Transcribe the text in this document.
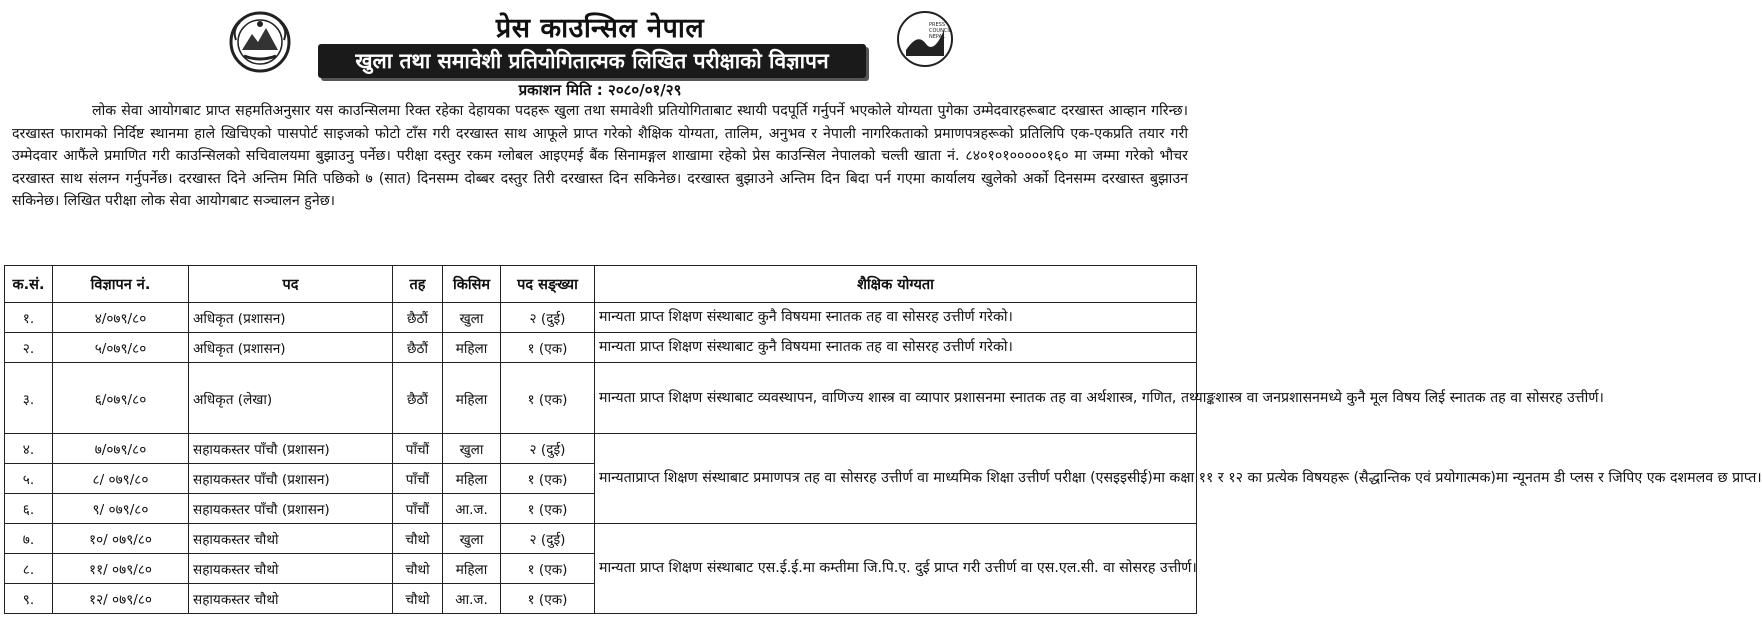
प्रेस काउन्सिल नेपाल	PRESS
COUNCIL
NEPAL
खुला तथा समावेशी प्रतियोगितात्मक लिखित परीक्षाको विज्ञापन
प्रकाशन मिति : २०८०/०१/२९
लोक सेवा आयोगबाट प्राप्त सहमतिअनुसार यस काउन्सिलमा रिक्त रहेका देहायका पदहरू खुला तथा समावेशी प्रतियोगिताबाट स्थायी पदपूर्ति गर्नुपर्ने भएकोले योग्यता पुगेका उम्मेदवारहरूबाट दरखास्त आव्हान गरिन्छ। दरखास्त फारामको निर्दिष्ट स्थानमा हाले खिचिएको पासपोर्ट साइजको फोटो टाँस गरी दरखास्त साथ आफूले प्राप्त गरेको शैक्षिक योग्यता, तालिम, अनुभव र नेपाली नागरिकताको प्रमाणपत्रहरूको प्रतिलिपि एक-एकप्रति तयार गरी उम्मेदवार आफैंले प्रमाणित गरी काउन्सिलको सचिवालयमा बुझाउनु पर्नेछ। परीक्षा दस्तुर रकम ग्लोबल आइएमई बैंक सिनामङ्गल शाखामा रहेको प्रेस काउन्सिल नेपालको चल्ती खाता नं. ८४०१०१०००००१६० मा जम्मा गरेको भौचर दरखास्त साथ संलग्न गर्नुपर्नेछ। दरखास्त दिने अन्तिम मिति पछिको ७ (सात) दिनसम्म दोब्बर दस्तुर तिरी दरखास्त दिन सकिनेछ। दरखास्त बुझाउने अन्तिम दिन बिदा पर्न गएमा कार्यालय खुलेको अर्को दिनसम्म दरखास्त बुझाउन सकिनेछ। लिखित परीक्षा लोक सेवा आयोगबाट सञ्चालन हुनेछ।
क.सं.	विज्ञापन नं.	पद	तह	किसिम	पद सङ्ख्या	शैक्षिक योग्यता
१.	४/०७९/८०	अधिकृत (प्रशासन)	छैठौं	खुला	२ (दुई)	मान्यता प्राप्त शिक्षण संस्थाबाट कुनै विषयमा स्नातक तह वा सोसरह उत्तीर्ण गरेको।
२.	५/०७९/८०	अधिकृत (प्रशासन)	छैठौं	महिला	१ (एक)	मान्यता प्राप्त शिक्षण संस्थाबाट कुनै विषयमा स्नातक तह वा सोसरह उत्तीर्ण गरेको।
३.	६/०७९/८०	अधिकृत (लेखा)	छैठौं	महिला	१ (एक)	मान्यता प्राप्त शिक्षण संस्थाबाट व्यवस्थापन, वाणिज्य शास्त्र वा व्यापार प्रशासनमा स्नातक तह वा अर्थशास्त्र, गणित, तथ्याङ्कशास्त्र वा जनप्रशासनमध्ये कुनै मूल विषय लिई स्नातक तह वा सोसरह उत्तीर्ण।
४.	७/०७९/८०	सहायकस्तर पाँचौ (प्रशासन)	पाँचौं	खुला	२ (दुई)	मान्यताप्राप्त शिक्षण संस्थाबाट प्रमाणपत्र तह वा सोसरह उत्तीर्ण वा माध्यमिक शिक्षा उत्तीर्ण परीक्षा (एसइइसीई)मा कक्षा ११ र १२ का प्रत्येक विषयहरू (सैद्धान्तिक एवं प्रयोगात्मक)मा न्यूनतम डी प्लस र जिपिए एक दशमलव छ प्राप्त।
५.	८/ ०७९/८०	सहायकस्तर पाँचौ (प्रशासन)	पाँचौं	महिला	१ (एक)	
६.	९/ ०७९/८०	सहायकस्तर पाँचौ (प्रशासन)	पाँचौं	आ.ज.	१ (एक)	
७.	१०/ ०७९/८०	सहायकस्तर चौथो	चौथो	खुला	२ (दुई)	मान्यता प्राप्त शिक्षण संस्थाबाट एस.ई.ई.मा कम्तीमा जि.पि.ए. दुई प्राप्त गरी उत्तीर्ण वा एस.एल.सी. वा सोसरह उत्तीर्ण।
८.	११/ ०७९/८०	सहायकस्तर चौथो	चौथो	महिला	१ (एक)	
९.	१२/ ०७९/८०	सहायकस्तर चौथो	चौथो	आ.ज.	१ (एक)	
